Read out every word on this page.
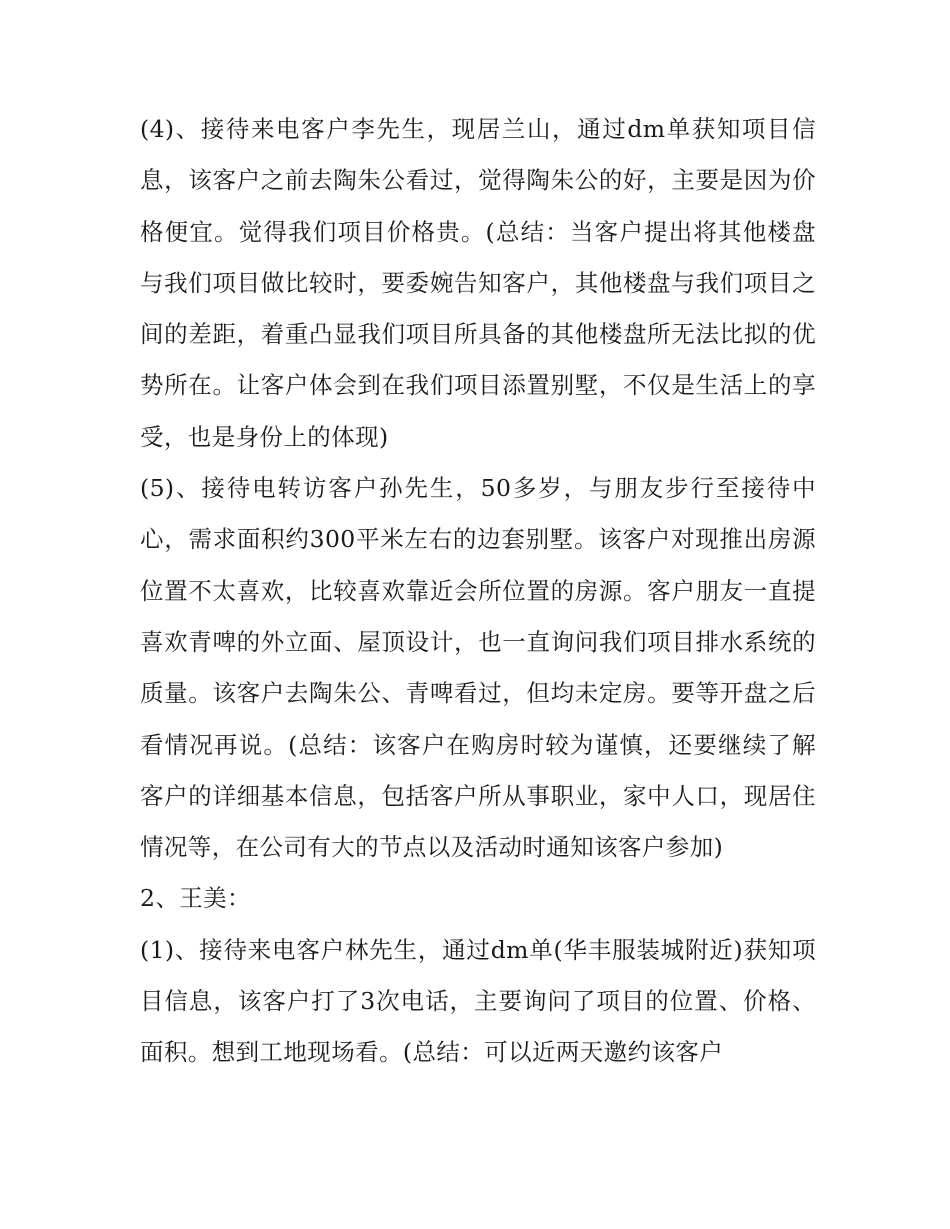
(4)、接待来电客户李先生，现居兰山，通过dm单获知项目信息，该客户之前去陶朱公看过，觉得陶朱公的好，主要是因为价格便宜。觉得我们项目价格贵。(总结：当客户提出将其他楼盘与我们项目做比较时，要委婉告知客户，其他楼盘与我们项目之间的差距，着重凸显我们项目所具备的其他楼盘所无法比拟的优势所在。让客户体会到在我们项目添置别墅，不仅是生活上的享受，也是身份上的体现)

(5)、接待电转访客户孙先生，50多岁，与朋友步行至接待中心，需求面积约300平米左右的边套别墅。该客户对现推出房源位置不太喜欢，比较喜欢靠近会所位置的房源。客户朋友一直提喜欢青啤的外立面、屋顶设计，也一直询问我们项目排水系统的质量。该客户去陶朱公、青啤看过，但均未定房。要等开盘之后看情况再说。(总结：该客户在购房时较为谨慎，还要继续了解客户的详细基本信息，包括客户所从事职业，家中人口，现居住情况等，在公司有大的节点以及活动时通知该客户参加)

2、王美：

(1)、接待来电客户林先生，通过dm单(华丰服装城附近)获知项目信息，该客户打了3次电话，主要询问了项目的位置、价格、面积。想到工地现场看。(总结：可以近两天邀约该客户
